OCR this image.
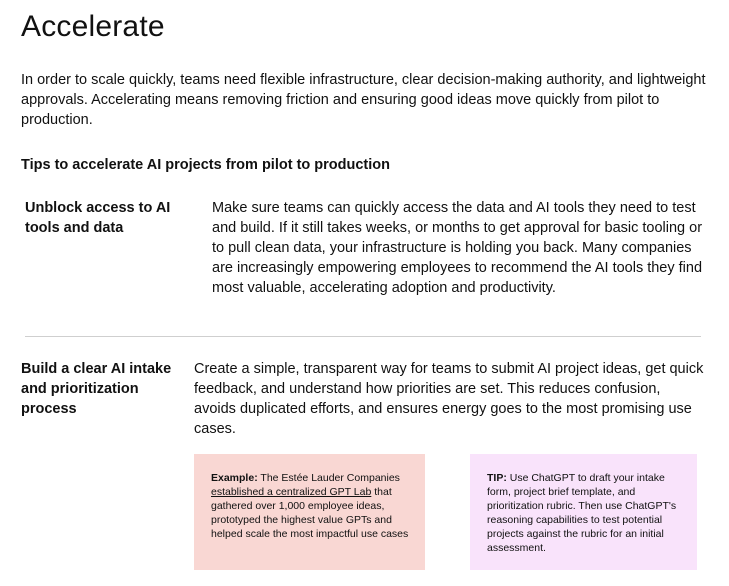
Accelerate

In order to scale quickly, teams need flexible infrastructure, clear decision-making authority, and lightweight approvals. Accelerating means removing friction and ensuring good ideas move quickly from pilot to production.

Tips to accelerate AI projects from pilot to production

Unblock access to AI tools and data

Make sure teams can quickly access the data and AI tools they need to test and build. If it still takes weeks, or months to get approval for basic tooling or to pull clean data, your infrastructure is holding you back. Many companies are increasingly empowering employees to recommend the AI tools they find most valuable, accelerating adoption and productivity.

Build a clear AI intake and prioritization process

Create a simple, transparent way for teams to submit AI project ideas, get quick feedback, and understand how priorities are set. This reduces confusion, avoids duplicated efforts, and ensures energy goes to the most promising use cases.

Example: The Estée Lauder Companies established a centralized GPT Lab that gathered over 1,000 employee ideas, prototyped the highest value GPTs and helped scale the most impactful use cases
TIP: Use ChatGPT to draft your intake form, project brief template, and prioritization rubric. Then use ChatGPT's reasoning capabilities to test potential projects against the rubric for an initial assessment.
